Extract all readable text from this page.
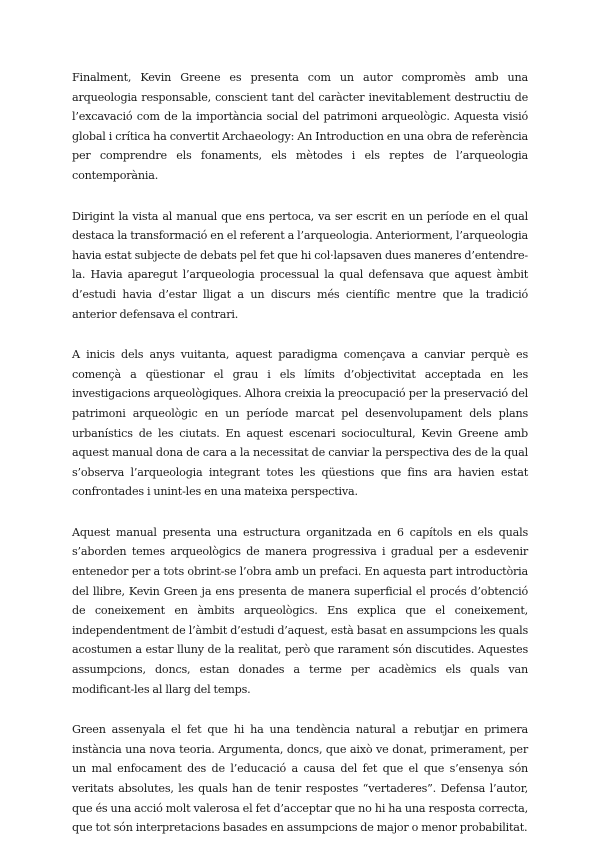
Finalment, Kevin Greene es presenta com un autor compromès amb una arqueologia responsable, conscient tant del caràcter inevitablement destructiu de l’excavació com de la importància social del patrimoni arqueològic. Aquesta visió global i crítica ha convertit Archaeology: An Introduction en una obra de referència per comprendre els fonaments, els mètodes i els reptes de l’arqueologia contemporània.

Dirigint la vista al manual que ens pertoca, va ser escrit en un període en el qual destaca la transformació en el referent a l’arqueologia. Anteriorment, l’arqueologia havia estat subjecte de debats pel fet que hi col·lapsaven dues maneres d’entendre-la. Havia aparegut l’arqueologia processual la qual defensava que aquest àmbit d’estudi havia d’estar lligat a un discurs més científic mentre que la tradició anterior defensava el contrari.

A inicis dels anys vuitanta, aquest paradigma començava a canviar perquè es començà a qüestionar el grau i els límits d’objectivitat acceptada en les investigacions arqueològiques. Alhora creixia la preocupació per la preservació del patrimoni arqueològic en un període marcat pel desenvolupament dels plans urbanístics de les ciutats. En aquest escenari sociocultural, Kevin Greene amb aquest manual dona de cara a la necessitat de canviar la perspectiva des de la qual s’observa l’arqueologia integrant totes les qüestions que fins ara havien estat confrontades i unint-les en una mateixa perspectiva.

Aquest manual presenta una estructura organitzada en 6 capítols en els quals s’aborden temes arqueològics de manera progressiva i gradual per a esdevenir entenedor per a tots obrint-se l’obra amb un prefaci. En aquesta part introductòria del llibre, Kevin Green ja ens presenta de manera superficial el procés d’obtenció de coneixement en àmbits arqueològics. Ens explica que el coneixement, independentment de l’àmbit d’estudi d’aquest, està basat en assumpcions les quals acostumen a estar lluny de la realitat, però que rarament són discutides. Aquestes assumpcions, doncs, estan donades a terme per acadèmics els quals van modificant-les al llarg del temps.

Green assenyala el fet que hi ha una tendència natural a rebutjar en primera instància una nova teoria. Argumenta, doncs, que això ve donat, primerament, per un mal enfocament des de l’educació a causa del fet que el que s’ensenya són veritats absolutes, les quals han de tenir respostes “vertaderes”. Defensa l’autor, que és una acció molt valerosa el fet d’acceptar que no hi ha una resposta correcta, que tot són interpretacions basades en assumpcions de major o menor probabilitat.
